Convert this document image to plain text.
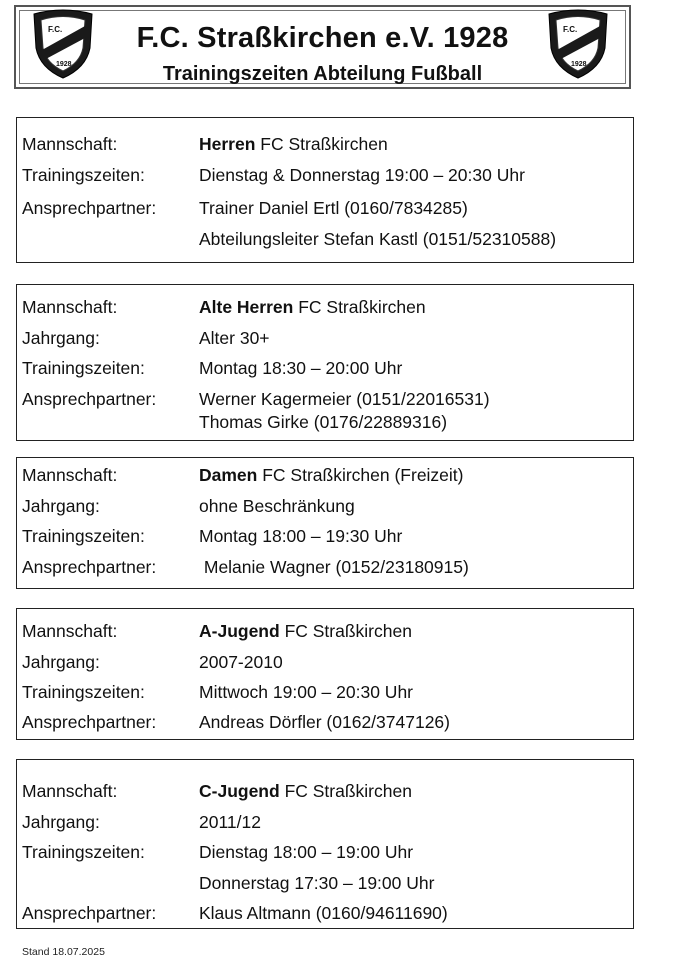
F.C. Straßkirchen e.V. 1928
Trainingszeiten Abteilung Fußball
F.C.
1928
F.C.
1928
Mannschaft:	Herren FC Straßkirchen
Trainingszeiten:	Dienstag & Donnerstag 19:00 – 20:30 Uhr
Ansprechpartner: Trainer Daniel Ertl (0160/7834285)
Abteilungsleiter Stefan Kastl (0151/52310588)
Mannschaft:	Alte Herren FC Straßkirchen
Jahrgang:	Alter 30+
Trainingszeiten:	Montag 18:30 – 20:00 Uhr
Ansprechpartner: Werner Kagermeier (0151/22016531)
Thomas Girke (0176/22889316)
Mannschaft:	Damen FC Straßkirchen (Freizeit)
Jahrgang:	ohne Beschränkung
Trainingszeiten:	Montag 18:00 – 19:30 Uhr
Ansprechpartner: Melanie Wagner (0152/23180915)
Mannschaft:	A-Jugend FC Straßkirchen
Jahrgang:	2007-2010
Trainingszeiten:	Mittwoch 19:00 – 20:30 Uhr
Ansprechpartner: Andreas Dörfler (0162/3747126)
Mannschaft:	C-Jugend FC Straßkirchen
Jahrgang:	2011/12
Trainingszeiten:	Dienstag 18:00 – 19:00 Uhr
Donnerstag 17:30 – 19:00 Uhr
Ansprechpartner: Klaus Altmann (0160/94611690)
Stand 18.07.2025
